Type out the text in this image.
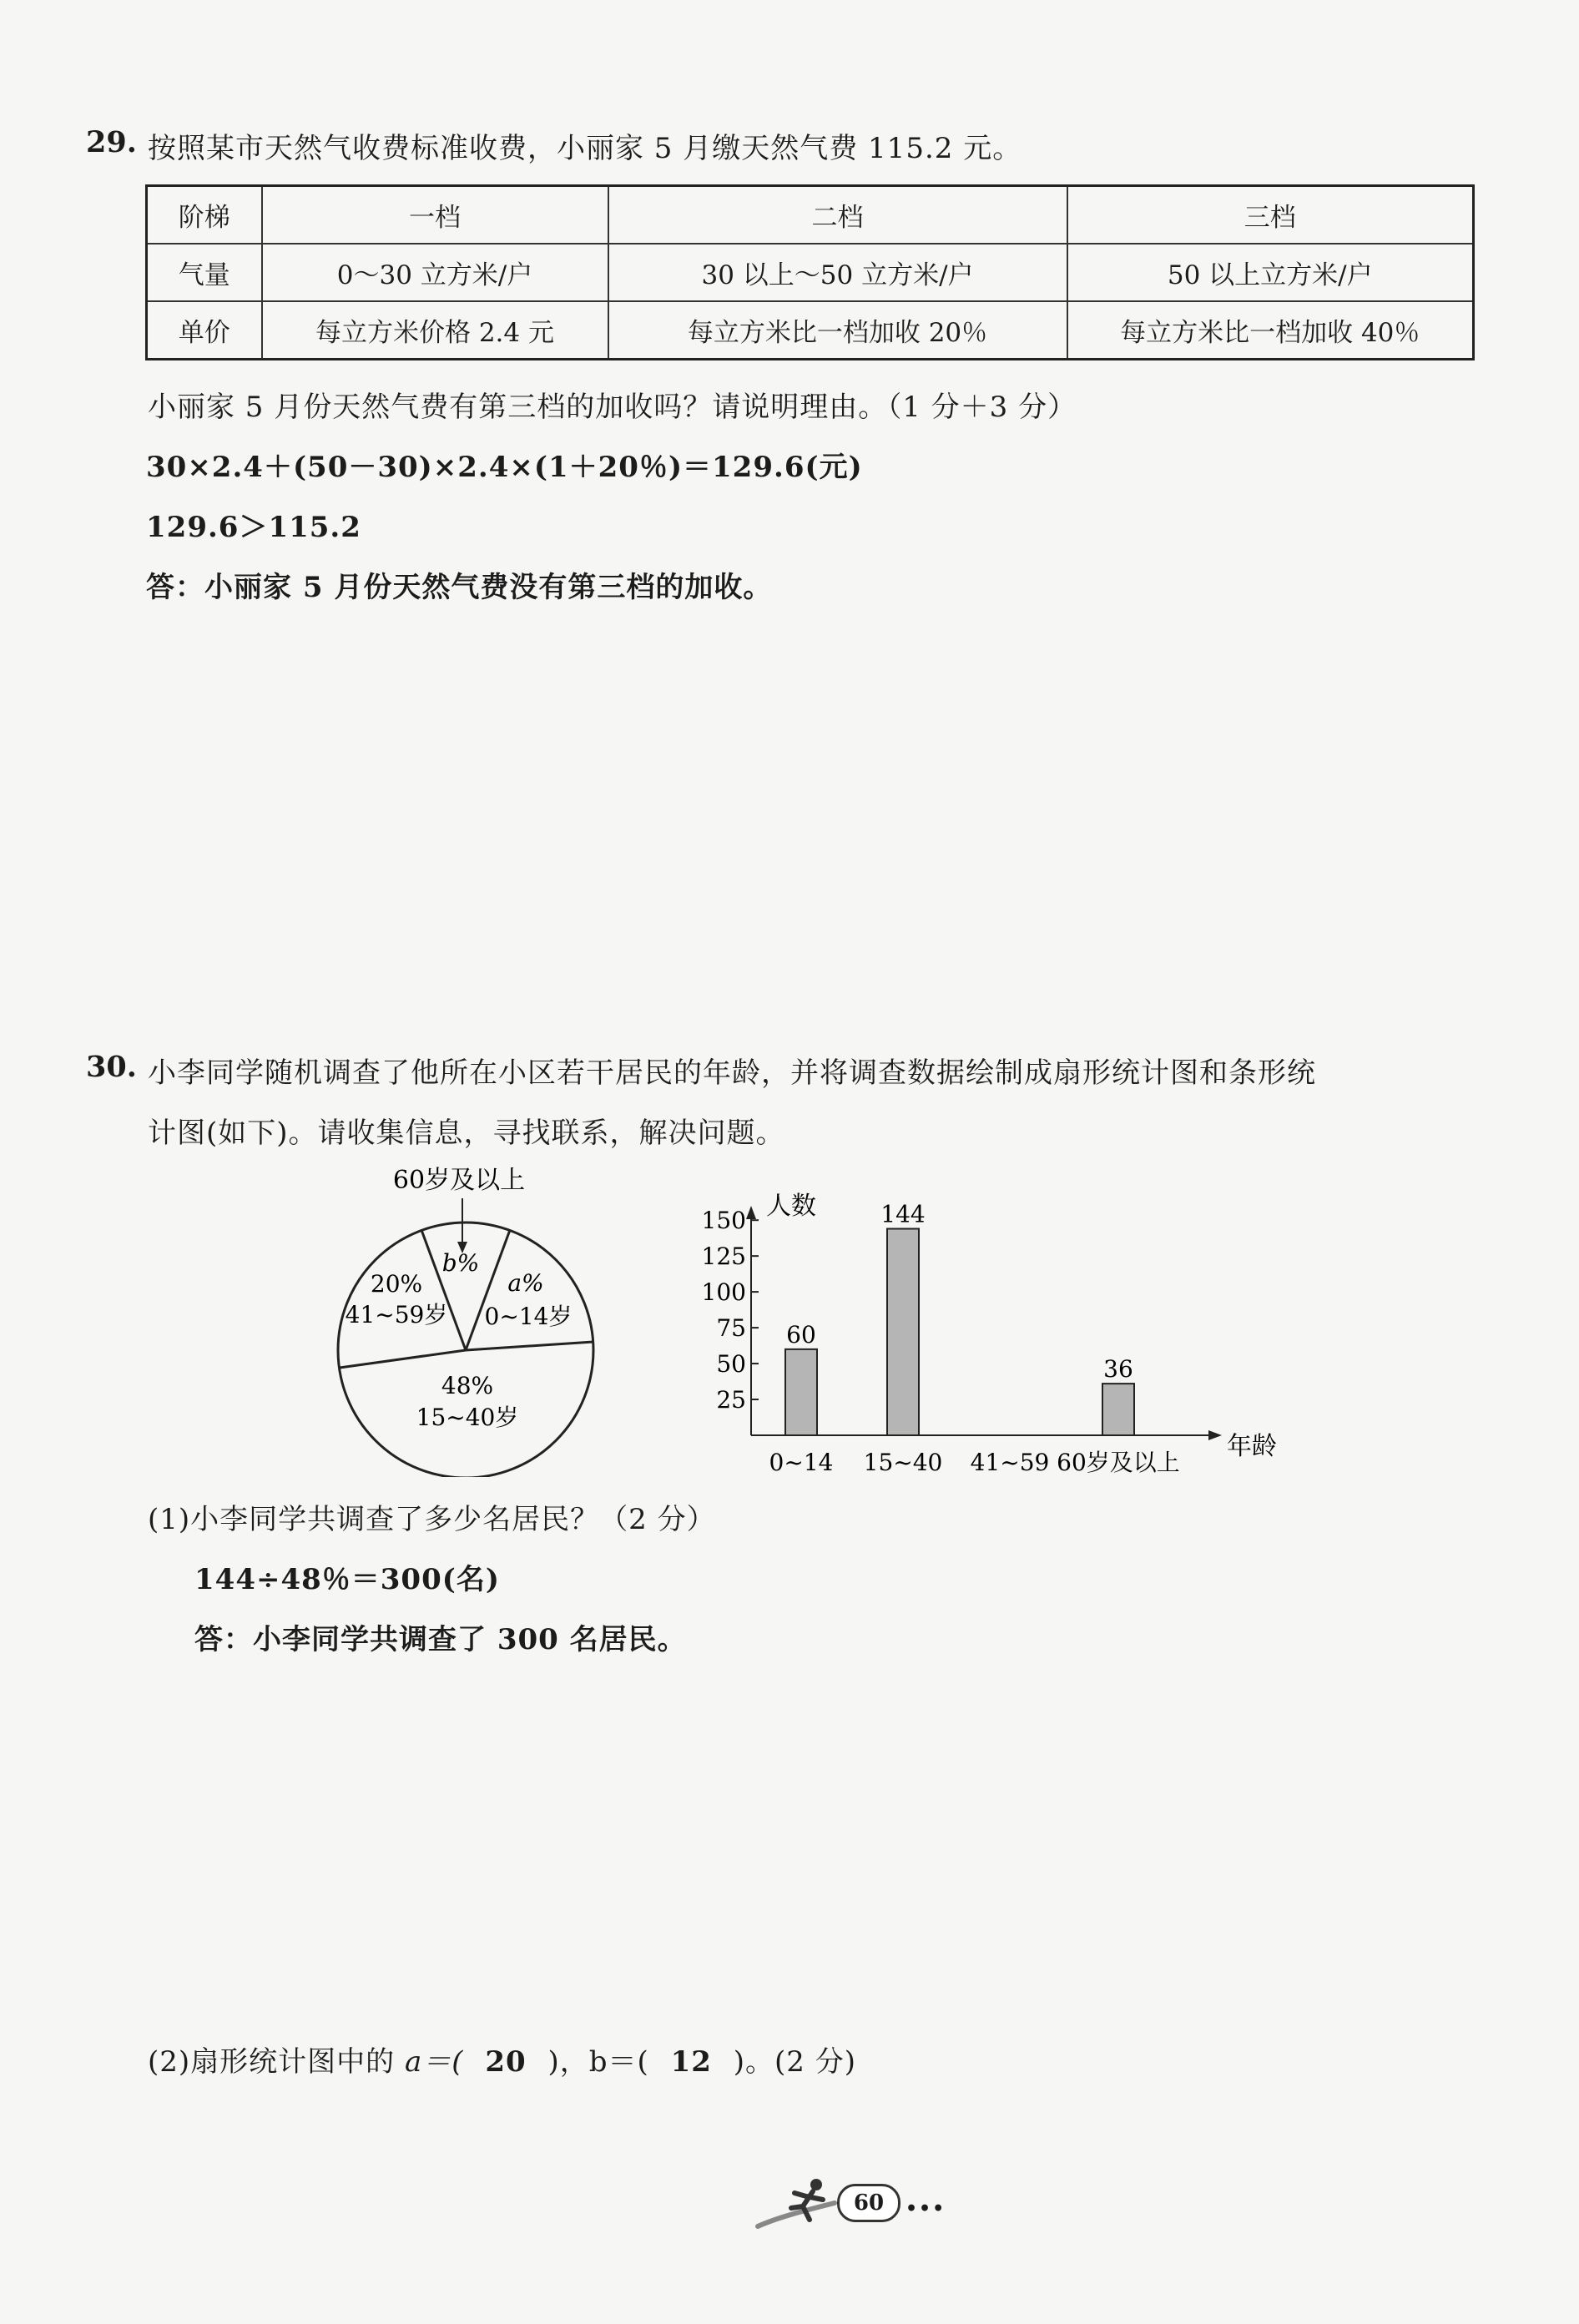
29. 按照某市天然气收费标准收费，小丽家 5 月缴天然气费 115.2 元。
阶梯	一档	二档	三档
气量	0～30 立方米/户	30 以上～50 立方米/户	50 以上立方米/户
单价	每立方米价格 2.4 元	每立方米比一档加收 20％	每立方米比一档加收 40％
小丽家 5 月份天然气费有第三档的加收吗？请说明理由。（1 分＋3 分）
30×2.4＋(50－30)×2.4×(1＋20％)＝129.6(元)
129.6＞115.2
答：小丽家 5 月份天然气费没有第三档的加收。
30. 小李同学随机调查了他所在小区若干居民的年龄，并将调查数据绘制成扇形统计图和条形统
计图(如下)。请收集信息，寻找联系，解决问题。
60岁及以上
b%
a%
0~14岁
20%
41~59岁
48%
15~40岁
人数
年龄
25
50
75
100
125
150
0~14
60
15~40
144
41~59 60岁及以上
36
(1)小李同学共调查了多少名居民？（2 分）
144÷48％＝300(名)
答：小李同学共调查了 300 名居民。
(2)扇形统计图中的 a＝( 20 )，b＝( 12 )。(2 分)
60	•••
